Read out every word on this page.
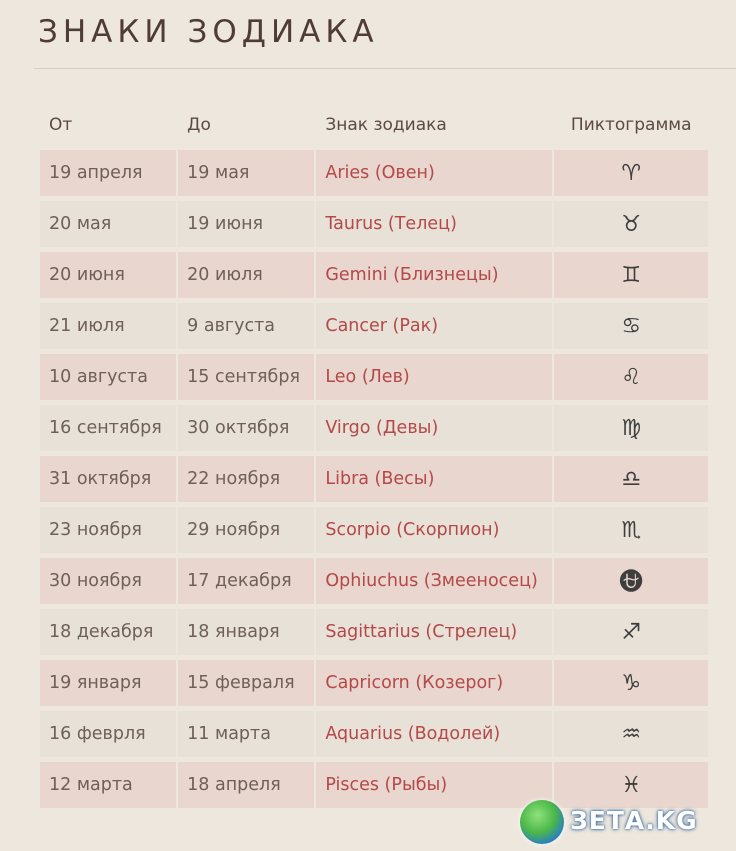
ЗНАКИ ЗОДИАКА
От	До	Знак зодиака	Пиктограмма
19 апреля	19 мая	Aries (Овен)	♈︎
20 мая	19 июня	Taurus (Телец)	♉︎
20 июня	20 июля	Gemini (Близнецы)	♊︎
21 июля	9 августа	Cancer (Рак)	♋︎
10 августа	15 сентября	Leo (Лев)	♌︎
16 сентября	30 октября	Virgo (Девы)	♍︎
31 октября	22 ноября	Libra (Весы)	♎︎
23 ноября	29 ноября	Scorpio (Скорпион)	♏︎
30 ноября	17 декабря	Ophiuchus (Змееносец)	⛎︎
18 декабря	18 января	Sagittarius (Стрелец)	♐︎
19 января	15 февраля	Capricorn (Козерог)	♑︎
16 феврля	11 марта	Aquarius (Водолей)	♒︎
12 марта	18 апреля	Pisces (Рыбы)	♓︎
ЗЕТА.KG
